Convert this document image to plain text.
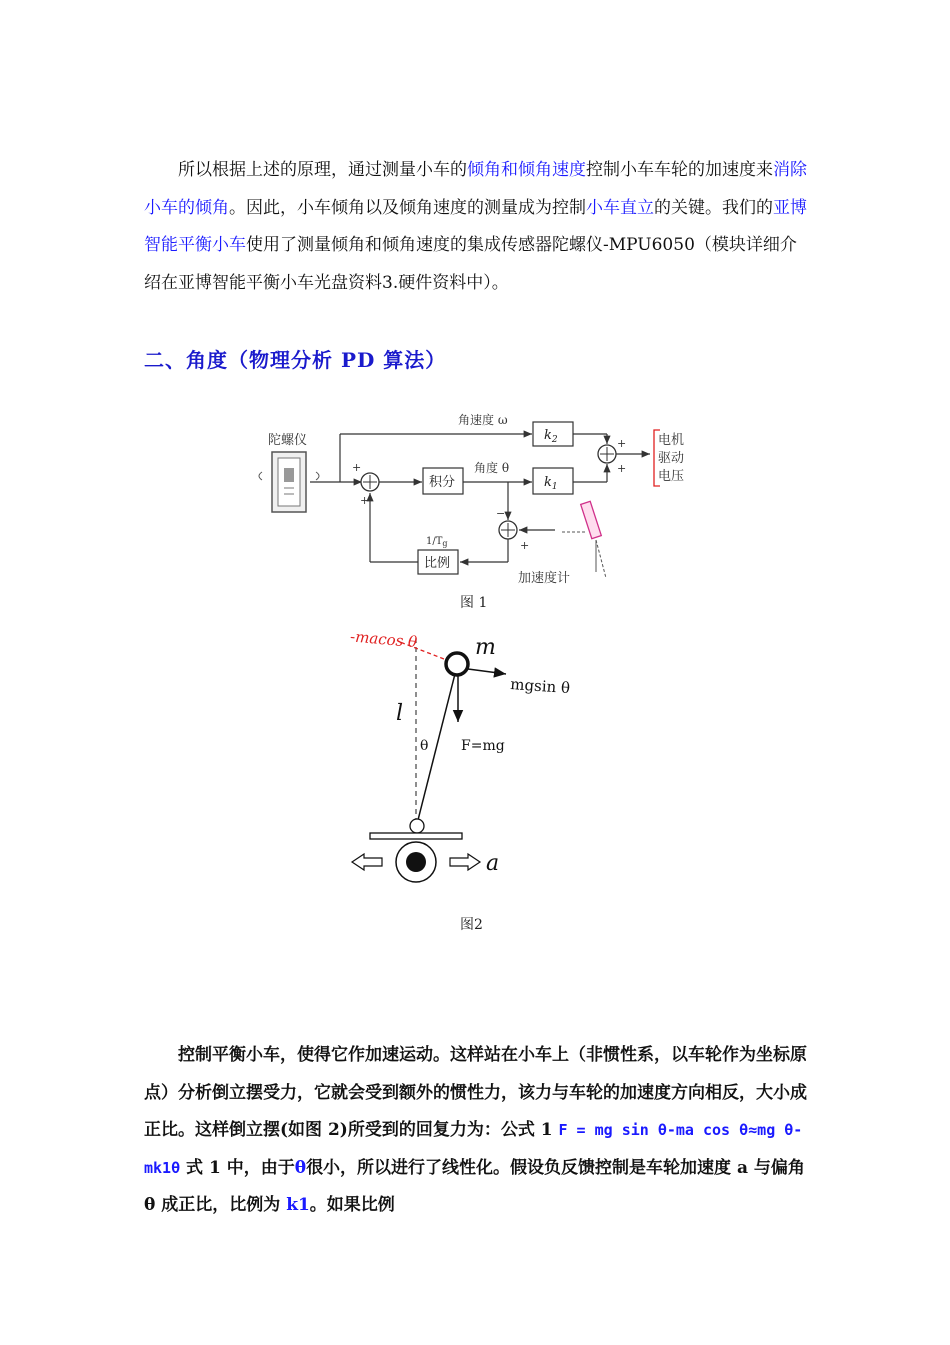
所以根据上述的原理，通过测量小车的倾角和倾角速度控制小车车轮的加速度来消除小车的倾角。因此，小车倾角以及倾角速度的测量成为控制小车直立的关键。我们的亚博智能平衡小车使用了测量倾角和倾角速度的集成传感器陀螺仪-MPU6050（模块详细介绍在亚博智能平衡小车光盘资料3.硬件资料中）。
二、角度（物理分析 PD 算法）
陀螺仪
角速度 ω
$k_2$
+
+
积分
角度 θ
$k_1$
+
+
电机
驱动
电压
−
+
加速度计
比例
$1/T_g$
图 1
-macos θ	m
mgsin θ
F=mg
l
θ
a
图2
控制平衡小车，使得它作加速运动。这样站在小车上（非惯性系，以车轮作为坐标原点）分析倒立摆受力，它就会受到额外的惯性力，该力与车轮的加速度方向相反，大小成正比。这样倒立摆(如图 2)所受到的回复力为：公式 1 F = mg sin θ-ma cos θ≈mg θ-mk1θ 式 1 中，由于θ很小，所以进行了线性化。假设负反馈控制是车轮加速度 a 与偏角 θ 成正比，比例为 k1。如果比例
